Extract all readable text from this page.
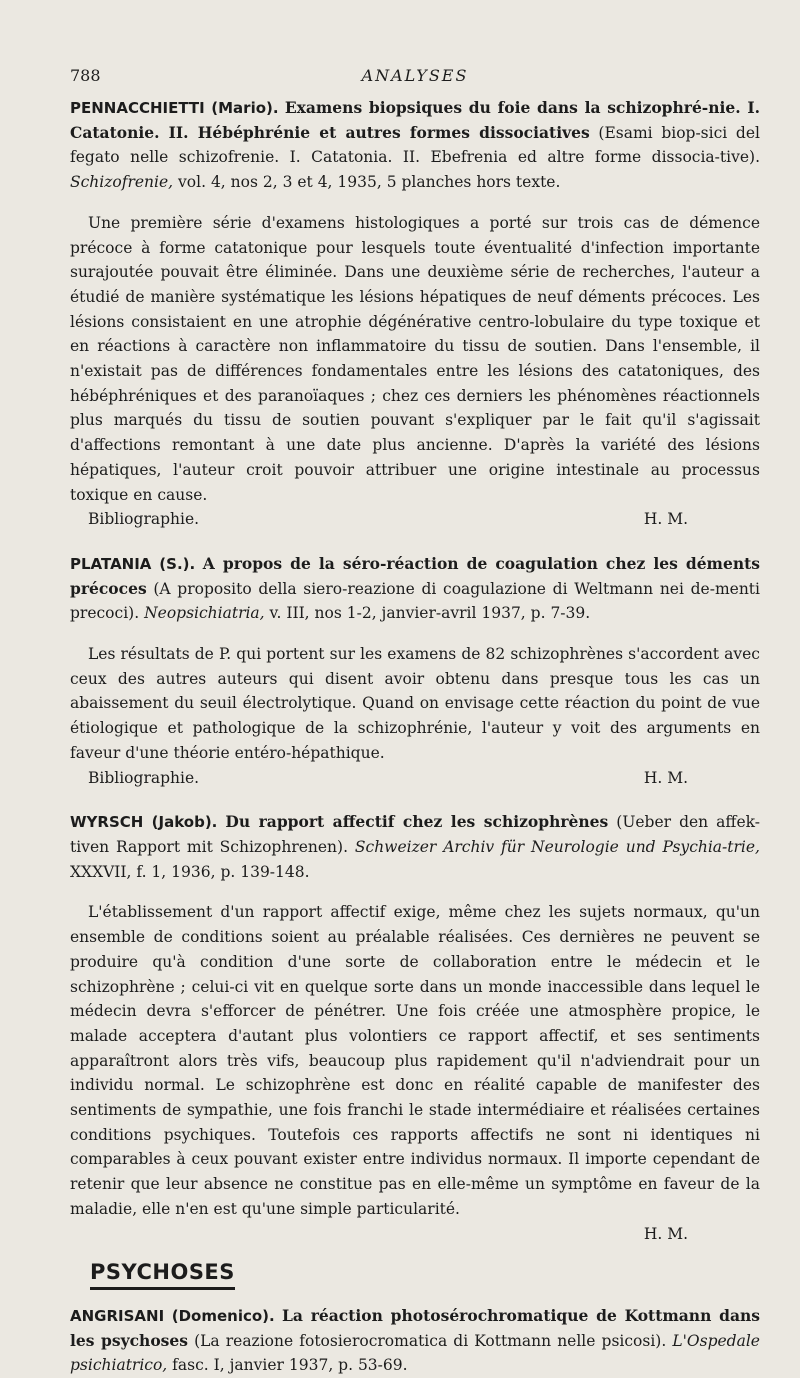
788	ANALYSES
PENNACCHIETTI (Mario). Examens biopsiques du foie dans la schizophré-nie. I. Catatonie. II. Hébéphrénie et autres formes dissociatives (Esami biop-sici del fegato nelle schizofrenie. I. Catatonia. II. Ebefrenia ed altre forme dissocia-tive). Schizofrenie, vol. 4, nos 2, 3 et 4, 1935, 5 planches hors texte.

Une première série d'examens histologiques a porté sur trois cas de démence précoce à forme catatonique pour lesquels toute éventualité d'infection importante surajoutée pouvait être éliminée. Dans une deuxième série de recherches, l'auteur a étudié de manière systématique les lésions hépatiques de neuf déments précoces. Les lésions consistaient en une atrophie dégénérative centro-lobulaire du type toxique et en réactions à caractère non inflammatoire du tissu de soutien. Dans l'ensemble, il n'existait pas de différences fondamentales entre les lésions des catatoniques, des hébéphréniques et des paranoïaques ; chez ces derniers les phénomènes réactionnels plus marqués du tissu de soutien pouvant s'expliquer par le fait qu'il s'agissait d'affections remontant à une date plus ancienne. D'après la variété des lésions hépatiques, l'auteur croit pouvoir attribuer une origine intestinale au processus toxique en cause.

Bibliographie.	H. M.
PLATANIA (S.). A propos de la séro-réaction de coagulation chez les déments précoces (A proposito della siero-reazione di coagulazione di Weltmann nei de-menti precoci). Neopsichiatria, v. III, nos 1-2, janvier-avril 1937, p. 7-39.

Les résultats de P. qui portent sur les examens de 82 schizophrènes s'accordent avec ceux des autres auteurs qui disent avoir obtenu dans presque tous les cas un abaissement du seuil électrolytique. Quand on envisage cette réaction du point de vue étiologique et pathologique de la schizophrénie, l'auteur y voit des arguments en faveur d'une théorie entéro-hépathique.

Bibliographie.	H. M.
WYRSCH (Jakob). Du rapport affectif chez les schizophrènes (Ueber den affek-tiven Rapport mit Schizophrenen). Schweizer Archiv für Neurologie und Psychia-trie, XXXVII, f. 1, 1936, p. 139-148.

L'établissement d'un rapport affectif exige, même chez les sujets normaux, qu'un ensemble de conditions soient au préalable réalisées. Ces dernières ne peuvent se produire qu'à condition d'une sorte de collaboration entre le médecin et le schizophrène ; celui-ci vit en quelque sorte dans un monde inaccessible dans lequel le médecin devra s'efforcer de pénétrer. Une fois créée une atmosphère propice, le malade acceptera d'autant plus volontiers ce rapport affectif, et ses sentiments apparaîtront alors très vifs, beaucoup plus rapidement qu'il n'adviendrait pour un individu normal. Le schizophrène est donc en réalité capable de manifester des sentiments de sympathie, une fois franchi le stade intermédiaire et réalisées certaines conditions psychiques. Toutefois ces rapports affectifs ne sont ni identiques ni comparables à ceux pouvant exister entre individus normaux. Il importe cependant de retenir que leur absence ne constitue pas en elle-même un symptôme en faveur de la maladie, elle n'en est qu'une simple particularité.

H. M.
PSYCHOSES
ANGRISANI (Domenico). La réaction photosérochromatique de Kottmann dans les psychoses (La reazione fotosierocromatica di Kottmann nelle psicosi). L'Ospedale psichiatrico, fasc. I, janvier 1937, p. 53-69.
